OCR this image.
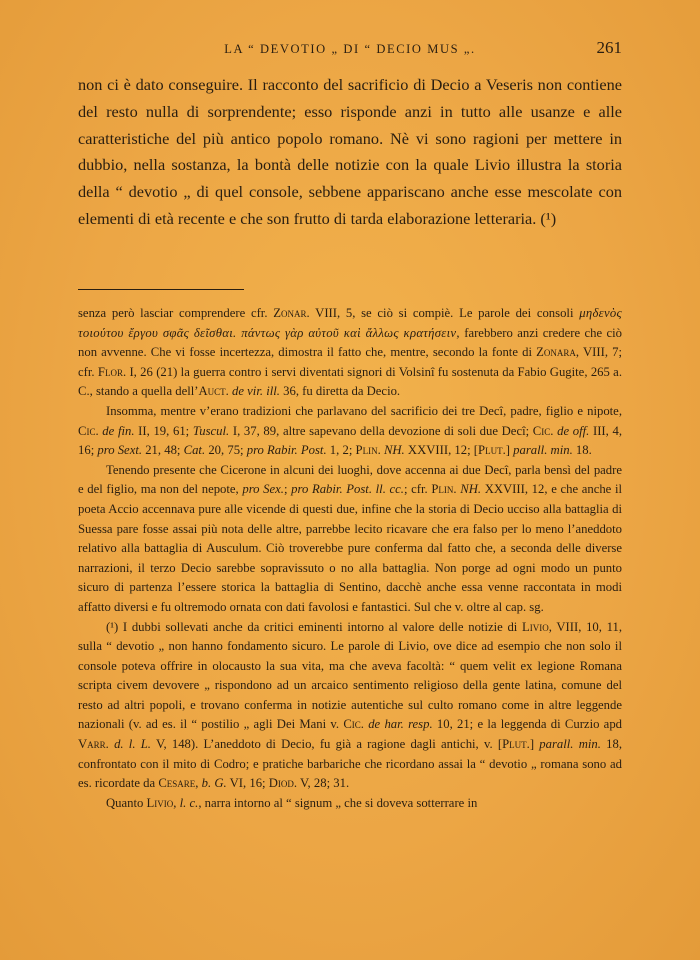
LA “ DEVOTIO „ DI “ DECIO MUS „.	261

non ci è dato conseguire. Il racconto del sacrificio di Decio a Veseris non contiene del resto nulla di sorprendente; esso risponde anzi in tutto alle usanze e alle caratteristiche del più antico popolo romano. Nè vi sono ragioni per mettere in dubbio, nella sostanza, la bontà delle notizie con la quale Livio illustra la storia della “ devotio „ di quel console, sebbene appariscano anche esse mescolate con elementi di età recente e che son frutto di tarda elaborazione letteraria. (¹)

senza però lasciar comprendere cfr. Zonar. VIII, 5, se ciò si compiè. Le parole dei consoli μηδενὸς τοιούτου ἔργου σφᾶς δεῖσθαι. πάντως γὰρ αὐτοῦ καὶ ἄλλως κρατήσειν, farebbero anzi credere che ciò non avvenne. Che vi fosse incertezza, dimostra il fatto che, mentre, secondo la fonte di Zonara, VIII, 7; cfr. Flor. I, 26 (21) la guerra contro i servi diventati signori di Volsinî fu sostenuta da Fabio Gugite, 265 a. C., stando a quella dell’Auct. de vir. ill. 36, fu diretta da Decio.

Insomma, mentre v’erano tradizioni che parlavano del sacrificio dei tre Decî, padre, figlio e nipote, Cic. de fin. II, 19, 61; Tuscul. I, 37, 89, altre sapevano della devozione di soli due Decî; Cic. de off. III, 4, 16; pro Sext. 21, 48; Cat. 20, 75; pro Rabir. Post. 1, 2; Plin. NH. XXVIII, 12; [Plut.] parall. min. 18.

Tenendo presente che Cicerone in alcuni dei luoghi, dove accenna ai due Decî, parla bensì del padre e del figlio, ma non del nepote, pro Sex.; pro Rabir. Post. ll. cc.; cfr. Plin. NH. XXVIII, 12, e che anche il poeta Accio accennava pure alle vicende di questi due, infine che la storia di Decio ucciso alla battaglia di Suessa pare fosse assai più nota delle altre, parrebbe lecito ricavare che era falso per lo meno l’aneddoto relativo alla battaglia di Ausculum. Ciò troverebbe pure conferma dal fatto che, a seconda delle diverse narrazioni, il terzo Decio sarebbe sopravissuto o no alla battaglia. Non porge ad ogni modo un punto sicuro di partenza l’essere storica la battaglia di Sentino, dacchè anche essa venne raccontata in modi affatto diversi e fu oltremodo ornata con dati favolosi e fantastici. Sul che v. oltre al cap. sg.

(¹) I dubbi sollevati anche da critici eminenti intorno al valore delle notizie di Livio, VIII, 10, 11, sulla “ devotio „ non hanno fondamento sicuro. Le parole di Livio, ove dice ad esempio che non solo il console poteva offrire in olocausto la sua vita, ma che aveva facoltà: “ quem velit ex legione Romana scripta civem devovere „ rispondono ad un arcaico sentimento religioso della gente latina, comune del resto ad altri popoli, e trovano conferma in notizie autentiche sul culto romano come in altre leggende nazionali (v. ad es. il “ postilio „ agli Dei Mani v. Cic. de har. resp. 10, 21; e la leggenda di Curzio apd Varr. d. l. L. V, 148). L’aneddoto di Decio, fu già a ragione dagli antichi, v. [Plut.] parall. min. 18, confrontato con il mito di Codro; e pratiche barbariche che ricordano assai la “ devotio „ romana sono ad es. ricordate da Cesare, b. G. VI, 16; Diod. V, 28; 31.

Quanto Livio, l. c., narra intorno al “ signum „ che si doveva sotterrare in
